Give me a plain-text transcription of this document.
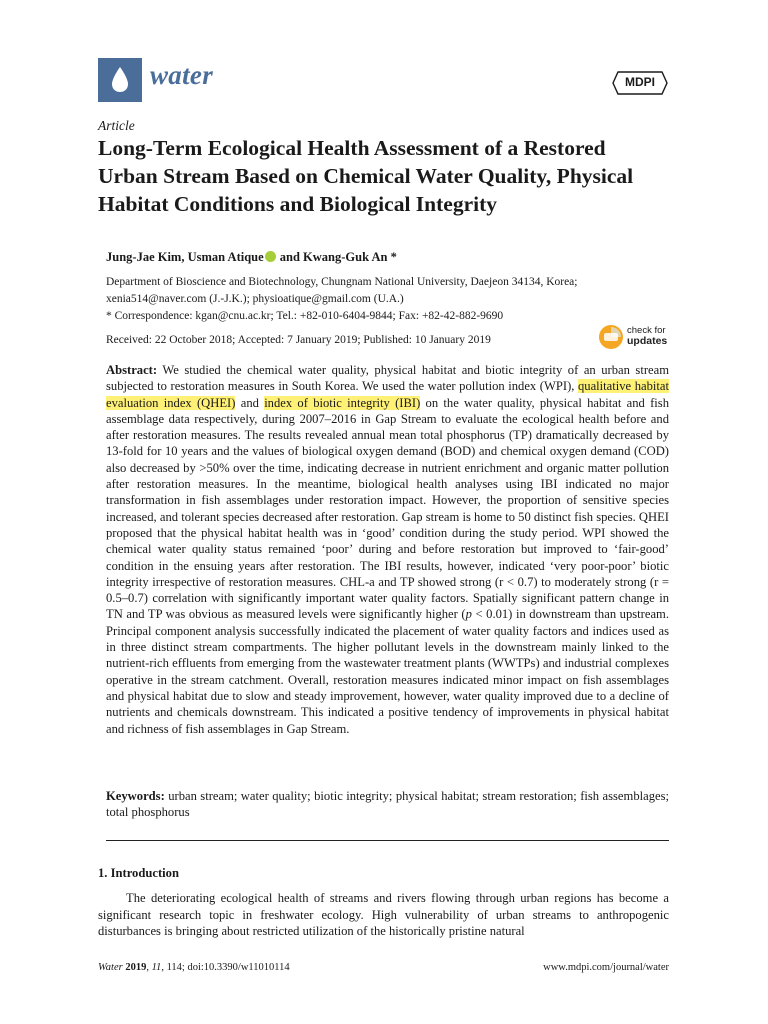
water	MDPI
Article
Long-Term Ecological Health Assessment of a Restored Urban Stream Based on Chemical Water Quality, Physical Habitat Conditions and Biological Integrity
Jung-Jae Kim, Usman Atique and Kwang-Guk An *
Department of Bioscience and Biotechnology, Chungnam National University, Daejeon 34134, Korea;
xenia514@naver.com (J.-J.K.); physioatique@gmail.com (U.A.)
* Correspondence: kgan@cnu.ac.kr; Tel.: +82-010-6404-9844; Fax: +82-42-882-9690
Received: 22 October 2018; Accepted: 7 January 2019; Published: 10 January 2019
check for
updates

Abstract: We studied the chemical water quality, physical habitat and biotic integrity of an urban stream subjected to restoration measures in South Korea. We used the water pollution index (WPI), qualitative habitat evaluation index (QHEI) and index of biotic integrity (IBI) on the water quality, physical habitat and fish assemblage data respectively, during 2007–2016 in Gap Stream to evaluate the ecological health before and after restoration measures. The results revealed annual mean total phosphorus (TP) dramatically decreased by 13-fold for 10 years and the values of biological oxygen demand (BOD) and chemical oxygen demand (COD) also decreased by >50% over the time, indicating decrease in nutrient enrichment and organic matter pollution after restoration measures. In the meantime, biological health analyses using IBI indicated no major transformation in fish assemblages under restoration impact. However, the proportion of sensitive species increased, and tolerant species decreased after restoration. Gap stream is home to 50 distinct fish species. QHEI proposed that the physical habitat health was in ‘good’ condition during the study period. WPI showed the chemical water quality status remained ‘poor’ during and before restoration but improved to ‘fair-good’ condition in the ensuing years after restoration. The IBI results, however, indicated ‘very poor-poor’ biotic integrity irrespective of restoration measures. CHL-a and TP showed strong (r < 0.7) to moderately strong (r = 0.5–0.7) correlation with significantly important water quality factors. Spatially significant pattern change in TN and TP was obvious as measured levels were significantly higher (p < 0.01) in downstream than upstream. Principal component analysis successfully indicated the placement of water quality factors and indices used as in three distinct stream compartments. The higher pollutant levels in the downstream mainly linked to the nutrient-rich effluents from emerging from the wastewater treatment plants (WWTPs) and industrial complexes operative in the stream catchment. Overall, restoration measures indicated minor impact on fish assemblages and physical habitat due to slow and steady improvement, however, water quality improved due to a decline of nutrients and chemicals downstream. This indicated a positive tendency of improvements in physical habitat and richness of fish assemblages in Gap Stream.

Keywords: urban stream; water quality; biotic integrity; physical habitat; stream restoration; fish assemblages; total phosphorus

1. Introduction

The deteriorating ecological health of streams and rivers flowing through urban regions has become a significant research topic in freshwater ecology. High vulnerability of urban streams to anthropogenic disturbances is bringing about restricted utilization of the historically pristine natural

Water 2019, 11, 114; doi:10.3390/w11010114	www.mdpi.com/journal/water
